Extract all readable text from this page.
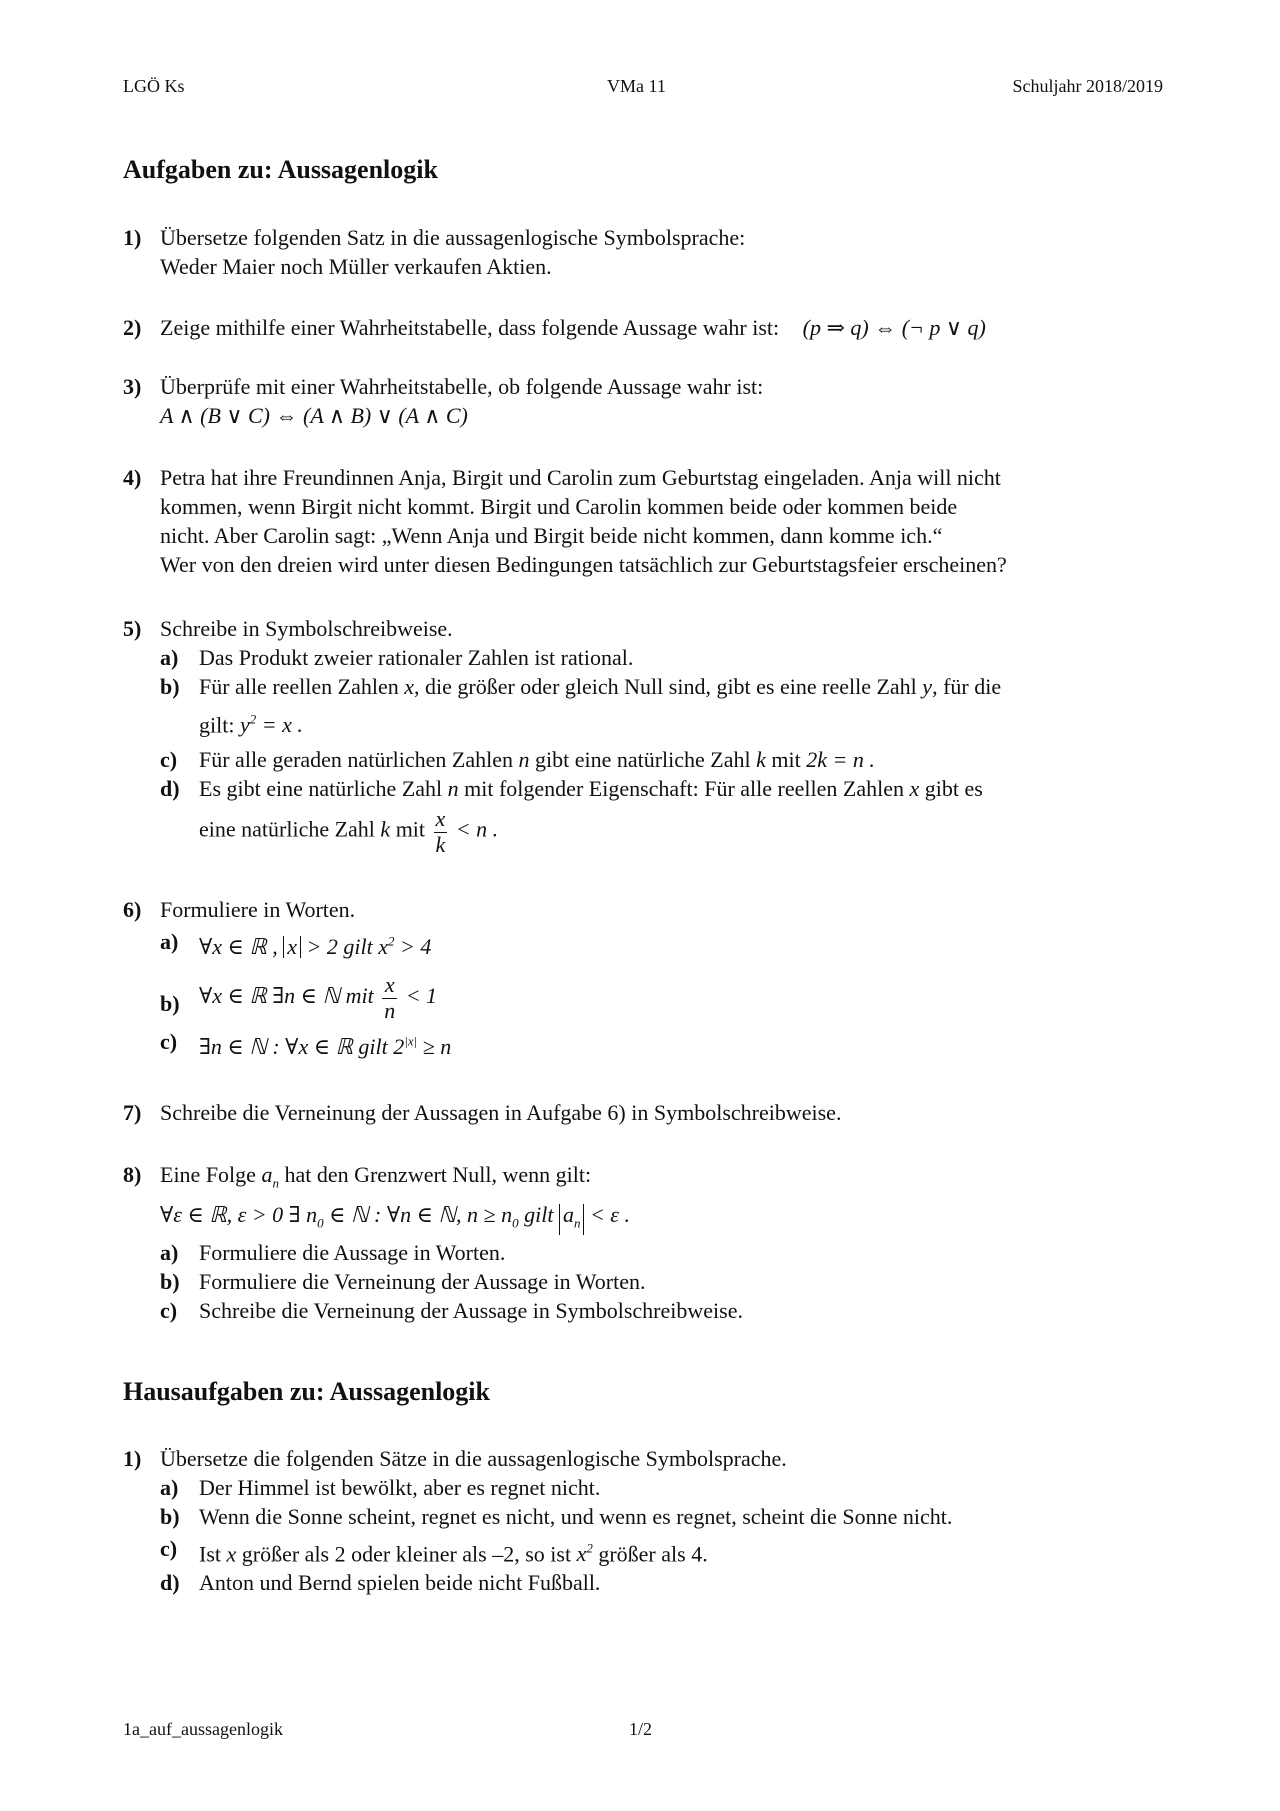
LGÖ Ks	VMa 11	Schuljahr 2018/2019
Aufgaben zu: Aussagenlogik
1) Übersetze folgenden Satz in die aussagenlogische Symbolsprache:
Weder Maier noch Müller verkaufen Aktien.
2) Zeige mithilfe einer Wahrheitstabelle, dass folgende Aussage wahr ist: (p ⇒ q) ⇔ (¬ p ∨ q)
3) Überprüfe mit einer Wahrheitstabelle, ob folgende Aussage wahr ist:
A ∧ (B ∨ C) ⇔ (A ∧ B) ∨ (A ∧ C)
4) Petra hat ihre Freundinnen Anja, Birgit und Carolin zum Geburtstag eingeladen. Anja will nicht
kommen, wenn Birgit nicht kommt. Birgit und Carolin kommen beide oder kommen beide
nicht. Aber Carolin sagt: „Wenn Anja und Birgit beide nicht kommen, dann komme ich.“
Wer von den dreien wird unter diesen Bedingungen tatsächlich zur Geburtstagsfeier erscheinen?
5) Schreibe in Symbolschreibweise.
a) Das Produkt zweier rationaler Zahlen ist rational.
b) Für alle reellen Zahlen x, die größer oder gleich Null sind, gibt es eine reelle Zahl y, für die
gilt: $y^2 = x$ .
c) Für alle geraden natürlichen Zahlen n gibt eine natürliche Zahl k mit 2k = n .
d) Es gibt eine natürliche Zahl n mit folgender Eigenschaft: Für alle reellen Zahlen x gibt es
eine natürliche Zahl k mit $\frac{x}{k} < n$ .
6) Formuliere in Worten.
a) ∀x ∈ ℝ , x > 2 gilt $x^2 > 4$
b) ∀x ∈ ℝ ∃n ∈ ℕ mit $\frac{x}{n} < 1$
c) ∃n ∈ ℕ : ∀x ∈ ℝ gilt $2^{|x|} \ge n$
7) Schreibe die Verneinung der Aussagen in Aufgabe 6) in Symbolschreibweise.
8) Eine Folge $a_n$ hat den Grenzwert Null, wenn gilt:
∀ε ∈ ℝ, ε > 0 ∃ $n_0$ ∈ ℕ : ∀n ∈ ℕ, $n \ge n_0$ gilt $a_n < \varepsilon$ .
a) Formuliere die Aussage in Worten.
b) Formuliere die Verneinung der Aussage in Worten.
c) Schreibe die Verneinung der Aussage in Symbolschreibweise.
Hausaufgaben zu: Aussagenlogik
1) Übersetze die folgenden Sätze in die aussagenlogische Symbolsprache.
a) Der Himmel ist bewölkt, aber es regnet nicht.
b) Wenn die Sonne scheint, regnet es nicht, und wenn es regnet, scheint die Sonne nicht.
c) Ist x größer als 2 oder kleiner als –2, so ist $x^2$ größer als 4.
d) Anton und Bernd spielen beide nicht Fußball.
1a_auf_aussagenlogik	1/2
